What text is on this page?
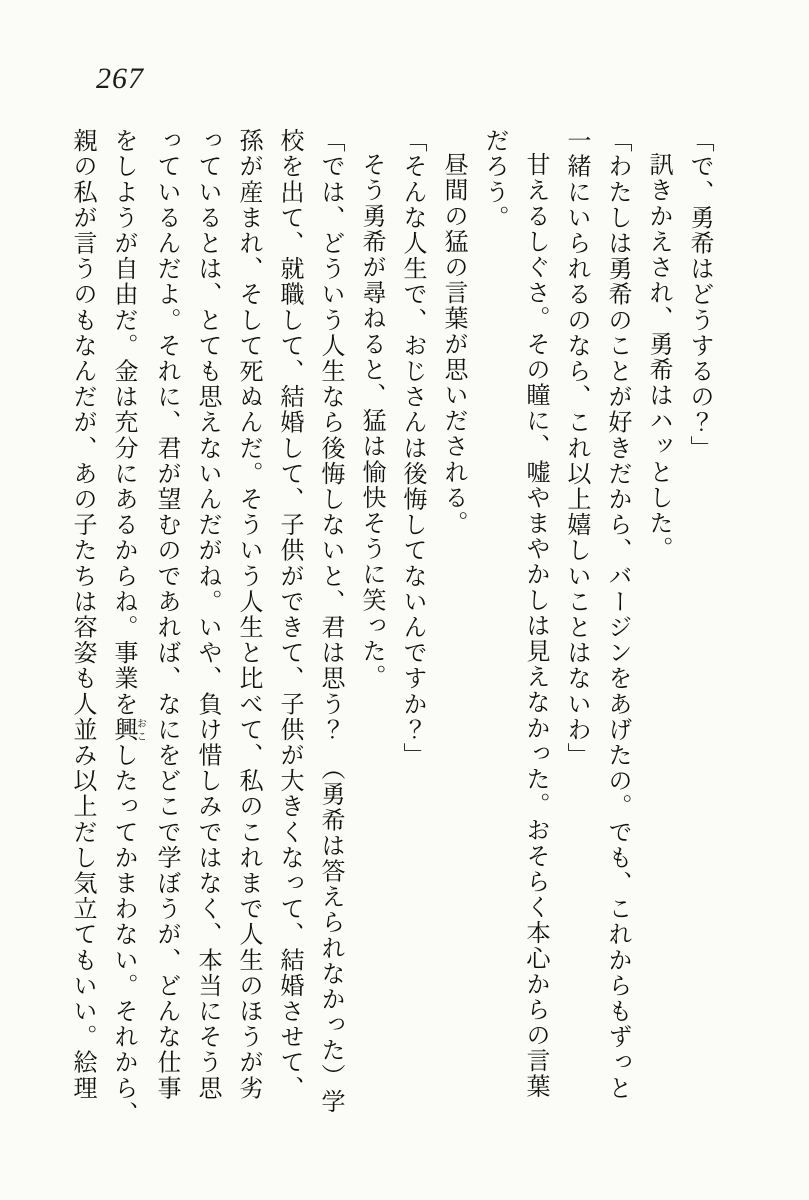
267

「で、勇希はどうするの？」

訊きかえされ、勇希はハッとした。

「わたしは勇希のことが好きだから、バージンをあげたの。でも、これからもずっと

一緒にいられるのなら、これ以上嬉しいことはないわ」

甘えるしぐさ。その瞳に、嘘やまやかしは見えなかった。おそらく本心からの言葉

だろう。

昼間の猛の言葉が思いだされる。

「そんな人生で、おじさんは後悔してないんですか？」

そう勇希が尋ねると、猛は愉快そうに笑った。

「では、どういう人生なら後悔しないと、君は思う？　（勇希は答えられなかった）学

校を出て、就職して、結婚して、子供ができて、子供が大きくなって、結婚させて、

孫が産まれ、そして死ぬんだ。そういう人生と比べて、私のこれまで人生のほうが劣

っているとは、とても思えないんだがね。いや、負け惜しみではなく、本当にそう思

っているんだよ。それに、君が望むのであれば、なにをどこで学ぼうが、どんな仕事

をしようが自由だ。金は充分にあるからね。事業を興おこしたってかまわない。それから、

親の私が言うのもなんだが、あの子たちは容姿も人並み以上だし気立てもいい。絵理
